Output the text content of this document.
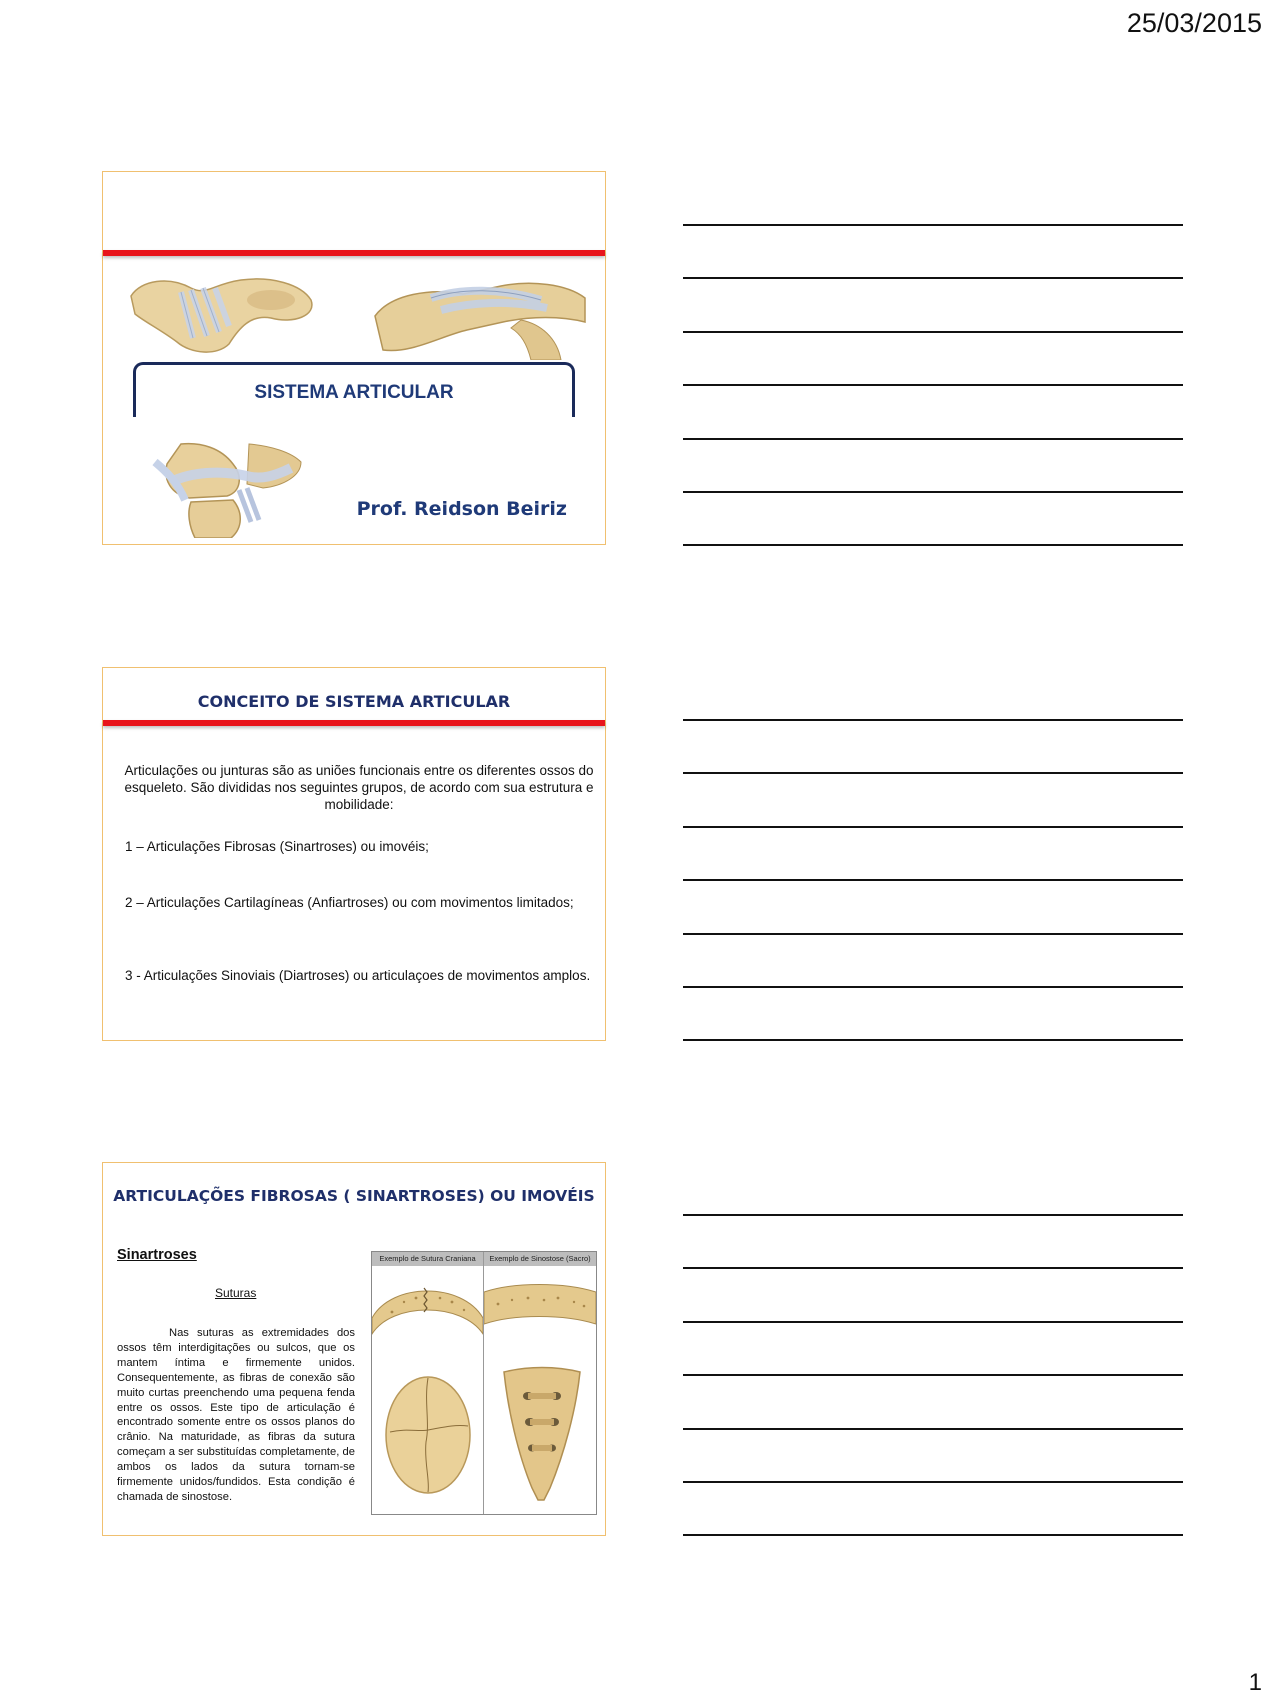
25/03/2015
SISTEMA ARTICULAR
Prof. Reidson Beiriz
CONCEITO DE SISTEMA ARTICULAR
Articulações ou junturas são as uniões funcionais entre os diferentes ossos do esqueleto. São divididas nos seguintes grupos, de acordo com sua estrutura e mobilidade:
1 – Articulações Fibrosas (Sinartroses) ou imovéis;
2 – Articulações Cartilagíneas (Anfiartroses) ou com movimentos limitados;
3 - Articulações Sinoviais (Diartroses) ou articulaçoes de movimentos amplos.
ARTICULAÇÕES FIBROSAS ( SINARTROSES) OU IMOVÉIS
Sinartroses
Suturas
Nas suturas as extremidades dos ossos têm interdigitações ou sulcos, que os mantem íntima e firmemente unidos. Consequentemente, as fibras de conexão são muito curtas preenchendo uma pequena fenda entre os ossos. Este tipo de articulação é encontrado somente entre os ossos planos do crânio. Na maturidade, as fibras da sutura começam a ser substituídas completamente, de ambos os lados da sutura tornam-se firmemente unidos/fundidos. Esta condição é chamada de sinostose.
Exemplo de Sutura Craniana	Exemplo de Sinostose (Sacro)
1
